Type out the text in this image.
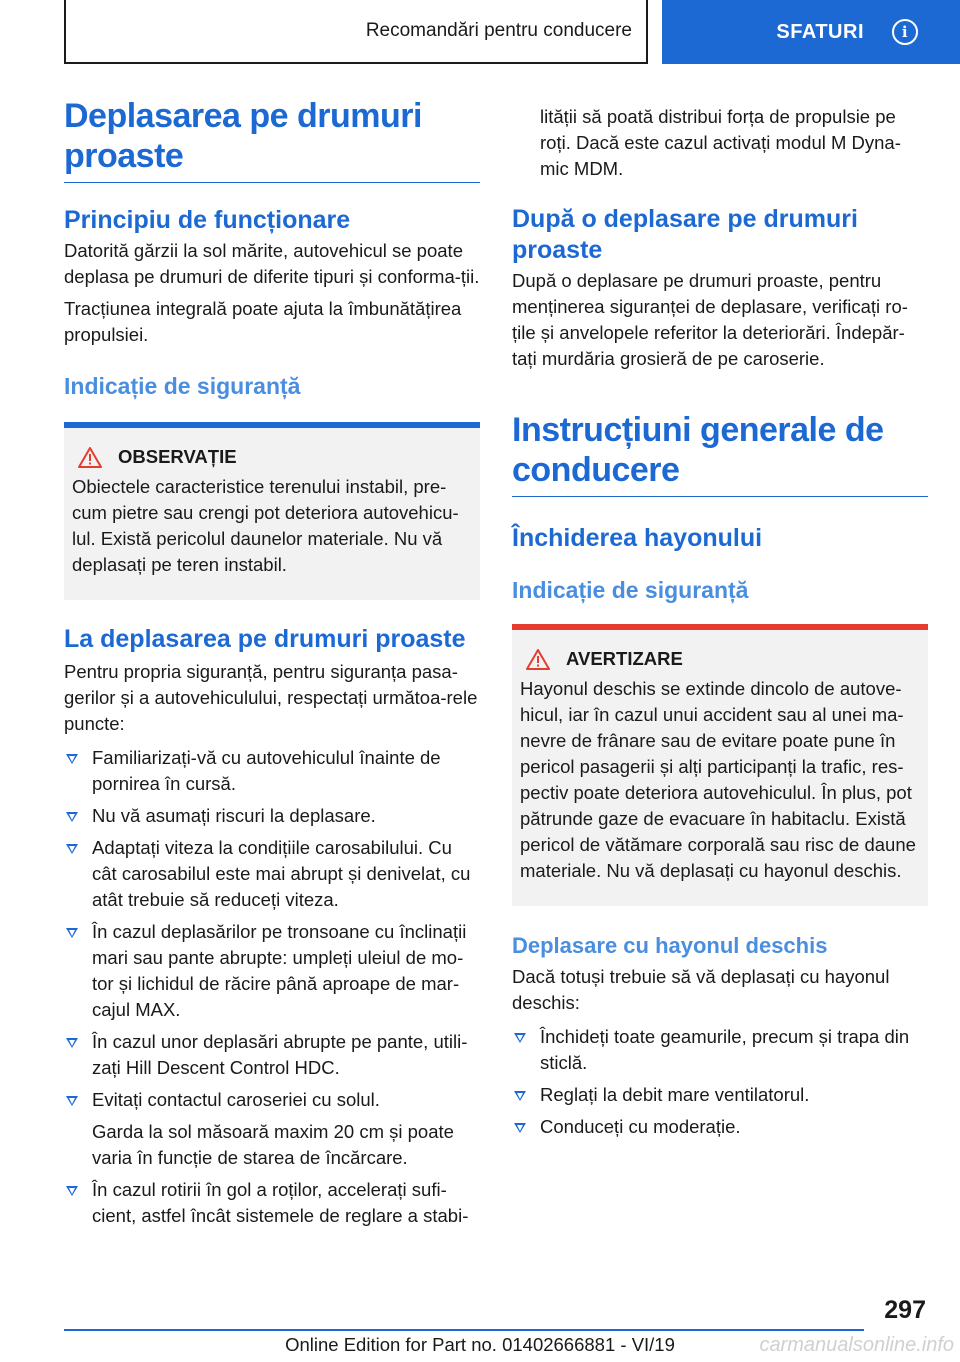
Recomandări pentru conducere	SFATURI	i
Deplasarea pe drumuri proaste
Principiu de funcționare

Datorită gărzii la sol mărite, autovehicul se poate deplasa pe drumuri de diferite tipuri și conforma-ții.

Tracțiunea integrală poate ajuta la îmbunătățirea propulsiei.

Indicație de siguranță
OBSERVAȚIE

Obiectele caracteristice terenului instabil, pre-cum pietre sau crengi pot deteriora autovehicu-lul. Există pericolul daunelor materiale. Nu vă deplasați pe teren instabil.

La deplasarea pe drumuri proaste

Pentru propria siguranță, pentru siguranța pasa-gerilor și a autovehiculului, respectați următoa-rele puncte:

Familiarizați-vă cu autovehiculul înainte de pornirea în cursă.
Nu vă asumați riscuri la deplasare.
Adaptați viteza la condițiile carosabilului. Cu cât carosabilul este mai abrupt și denivelat, cu atât trebuie să reduceți viteza.
În cazul deplasărilor pe tronsoane cu înclinații mari sau pante abrupte: umpleți uleiul de mo-tor și lichidul de răcire până aproape de mar-cajul MAX.
În cazul unor deplasări abrupte pe pante, utili-zați Hill Descent Control HDC.
Evitați contactul caroseriei cu solul.
Garda la sol măsoară maxim 20 cm și poate varia în funcție de starea de încărcare.
În cazul rotirii în gol a roților, accelerați sufi-cient, astfel încât sistemele de reglare a stabi-

lității să poată distribui forța de propulsie pe roți. Dacă este cazul activați modul M Dyna-mic MDM.

După o deplasare pe drumuri proaste

După o deplasare pe drumuri proaste, pentru menținerea siguranței de deplasare, verificați ro-țile și anvelopele referitor la deteriorări. Îndepăr-tați murdăria grosieră de pe caroserie.

Instrucțiuni generale de conducere
Închiderea hayonului
Indicație de siguranță
AVERTIZARE

Hayonul deschis se extinde dincolo de autove-hicul, iar în cazul unui accident sau al unei ma-nevre de frânare sau de evitare poate pune în pericol pasagerii și alți participanți la trafic, res-pectiv poate deteriora autovehiculul. În plus, pot pătrunde gaze de evacuare în habitaclu. Există pericol de vătămare corporală sau risc de daune materiale. Nu vă deplasați cu hayonul deschis.

Deplasare cu hayonul deschis

Dacă totuși trebuie să vă deplasați cu hayonul deschis:

Închideți toate geamurile, precum și trapa din sticlă.
Reglați la debit mare ventilatorul.
Conduceți cu moderație.
297
Online Edition for Part no. 01402666881 - VI/19	carmanualsonline.info
